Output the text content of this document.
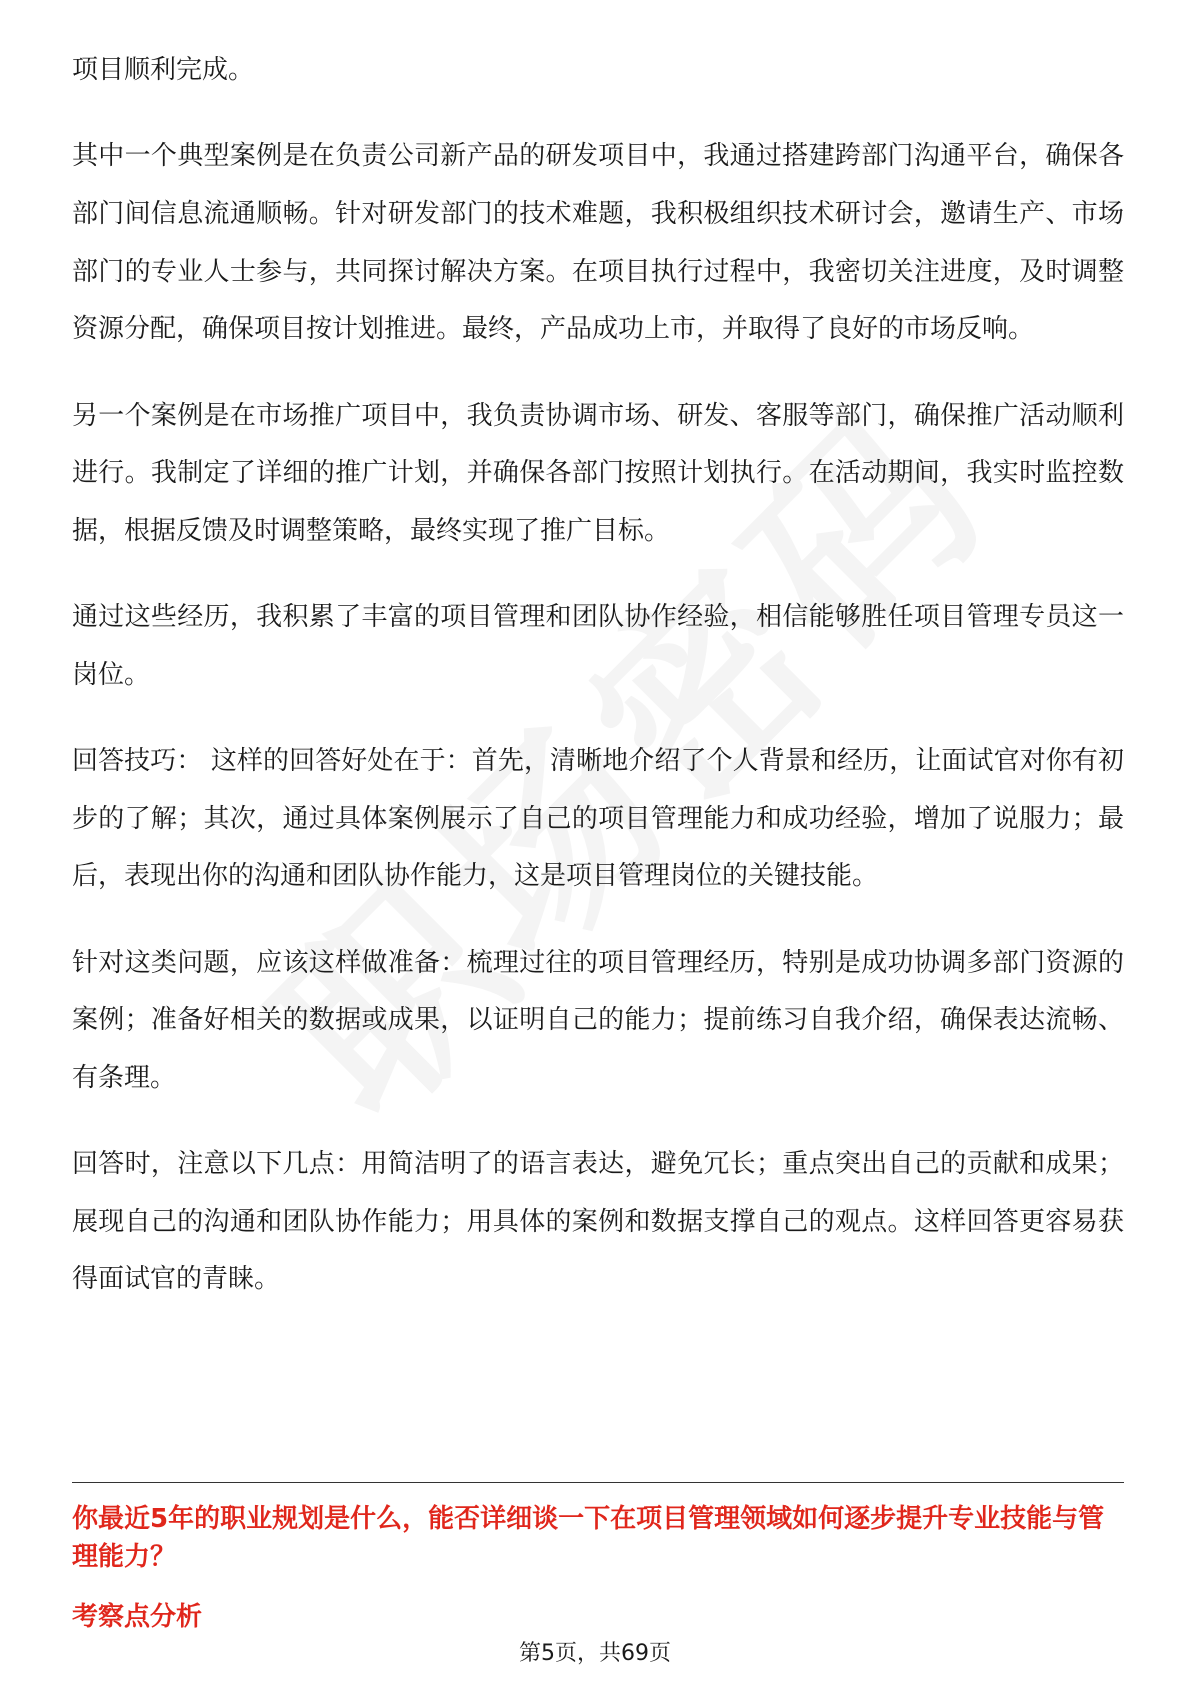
项目顺利完成。

其中一个典型案例是在负责公司新产品的研发项目中，我通过搭建跨部门沟通平台，确保各部门间信息流通顺畅。针对研发部门的技术难题，我积极组织技术研讨会，邀请生产、市场部门的专业人士参与，共同探讨解决方案。在项目执行过程中，我密切关注进度，及时调整资源分配，确保项目按计划推进。最终，产品成功上市，并取得了良好的市场反响。

另一个案例是在市场推广项目中，我负责协调市场、研发、客服等部门，确保推广活动顺利进行。我制定了详细的推广计划，并确保各部门按照计划执行。在活动期间，我实时监控数据，根据反馈及时调整策略，最终实现了推广目标。

通过这些经历，我积累了丰富的项目管理和团队协作经验，相信能够胜任项目管理专员这一岗位。

回答技巧： 这样的回答好处在于：首先，清晰地介绍了个人背景和经历，让面试官对你有初步的了解；其次，通过具体案例展示了自己的项目管理能力和成功经验，增加了说服力；最后，表现出你的沟通和团队协作能力，这是项目管理岗位的关键技能。

针对这类问题，应该这样做准备：梳理过往的项目管理经历，特别是成功协调多部门资源的案例；准备好相关的数据或成果，以证明自己的能力；提前练习自我介绍，确保表达流畅、有条理。

回答时，注意以下几点：用简洁明了的语言表达，避免冗长；重点突出自己的贡献和成果；展现自己的沟通和团队协作能力；用具体的案例和数据支撑自己的观点。这样回答更容易获得面试官的青睐。

你最近5年的职业规划是什么，能否详细谈一下在项目管理领域如何逐步提升专业技能与管理能力？

考察点分析

第5页，共69页
